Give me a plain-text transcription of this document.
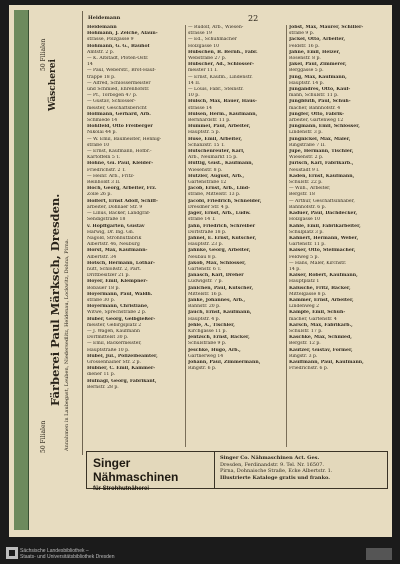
22
Heidemann
50 Filialen
Färberei Paul Märksch, Dresden. Annahmen in Laubegast, Leuben, Niedersedlitz, Heidenau, Lockwitz, Dohna, Pirna.
Wäscherei
50 Filialen
Heidemann
Hohmann, J. Zeiche, Alaun-
strasse, Pölzgasse 9
Hohmann, G. G., Bauhof
Amtstr. 2 p.
— K. Altstadt, Pfoten-Ostr.
14
— Paul, Weberstr., Brot-Hauf-
trappe 18 p.
— Alfred, Schlossermeister
und Schmied, Ehrenhofstr.
— Pf., Torbogen 47 p.
— Gustav, Schlosser-
meister, Geschäftsbericht
Höllmann, Gerhard, Arb.
Schmiede 14
Hohlfeld, Otto Freiberger
Nikolai 44 p.
— W. Emil, Baumeister, Hennig-
straße 10
— Ernst, Kaufmann, Hofbr.-
Kartoffeln 5 T.
Höhne, Gu. Paul, Kleider-
Friedrichstr. 2 T.
— Heinr. Arb., Fritz-
Reinholdt 3 II.
Hoch, Georg, Arbeiter, Frz.
Zolle 26 p.
Holfert, Ernst Adolf, Schiff-
arbeiter, Dohnaer Str. 9
— Linus, Bäcker, Landgraf-
Sendigstraße 18
v. Hopffgarten, Gustav
Harwig, Dr. Ing. Gn.
Nagold, Strohhutfabrik
Albertstr. 46, Neuburg
Horst, Max, Kaufmann-
Albertstr. 34
Hotsch, Hermann, Lothar-
hutt, Schloßstr. 2, Part.
Drittbesitzer 21 p.
Hoyer, Emil, Klempner-
Bobauer 18 p.
Hoyermann, Paul, Waldh.
straße 30 p.
Hoyermann, Christiane,
Witwe, Sprechstraße 2 p.
Huber, Georg, Gelbgießer-
meister, Gebirgsplatz 2
— J. Wagen, Kaufmann
Dorfmittelst 30 p.
— Emil, Bäckermeister,
Hauptstraße 10 p.
Hübel, Jul., Polizeibeamter,
Grossenhainer Str. 2 p.
Hübner, C. Emil, Kammer-
diener 11 p.
Hufnagl, Georg, Fabrikant,
Bernstr. 28 p.
— Rudolf, Arb., Wiesen-
strasse 19
— Ed., Schuhmacher
Holzgasse 10
Hübschen, B. Bernh., Fabr.
Webstraße 27 p.
Hübscher, Ad., Schlosser-
meister 11 I.
— Ernst, Kaufm., Lindenstr.
14 II.
— Louis, Fabr., Steinstr.
10 p.
Hülsch, Max, Bauer, Haus-
strasse 14
Hülsen, Herm., Kaufmann,
Bernhardstr. 11 p.
Hummel, Paul, Arbeiter,
Hauptstr. 5 p.
Huse, Emil, Arbeiter,
Schanzstr. 15 T.
Hutschenreuter, Karl,
Arb., Neumarkt 15 p.
Hüttig, Gust., Kaufmann,
Wiesenstr. 8 p.
Hutzler, August, Arb.,
Gartenstraße 12
Jacob, Ernst, Arb., Lind-
straße, Mittelstr. 13 p.
Jacobi, Friedrich, Schneider,
Dresdner Str. 4 p.
Jäger, Ernst, Arb., Ludw.
straße 14 T.
Jahn, Friedrich, Schreiber
Dorfstraße 18 p.
Jahnel, E. Ernst, Kutscher,
Hauptstr. 23 p.
Jahnke, Georg, Arbeiter,
Neubau 8 p.
Jakob, Max, Schlosser,
Gartenstr. 6 T.
Janasch, Karl, Dreher
Ludwigstr. 7 p.
Jänichen, Paul, Kutscher,
Mittelstr. 16 p.
Janke, Johannes, Arb.,
Bahnstr. 20 p.
Jauch, Ernst, Kaufmann,
Hauptstr. 4 p.
Jehle, A., Tischler,
Kirchgasse 11 p.
Jentzsch, Ernst, Bäcker,
Schulstraße 9 p.
Jeschke, Hugo, Arb.,
Gärtnerweg 14
Johann, Paul, Zimmermann,
Ringstr. 6 p.
Jobst, Max, Maurer, Schiller-
straße 9 p.
Jäckel, Otto, Arbeiter,
Feldstr. 16 p.
Jähne, Emil, Heizer,
Rosenstr. 8 p.
Jäkel, Paul, Zimmerer,
Berggasse 5 p.
Jüng, Max, Kaufmann,
Hauptstr. 14 p.
Jungandres, Otto, Kauf-
mann, Schulstr. 11 p.
Jungbluth, Paul, Schuh-
macher, Bahnhofstr. 4
Jungfer, Otto, Fabrik-
arbeiter, Gartenweg 12
Jungmann, Emil, Schlosser,
Lindenstr. 3 p.
Jungnickel, Max, Maler,
Ringstraße 7 II.
Jupe, Hermann, Tischler,
Wiesenstr. 2 p.
Jurisch, Karl, Fabrikarb.,
Neustadt 9 I.
Kaden, Ernst, Kaufmann,
Schulstr. 22 p.
— Wilh., Arbeiter,
Bergstr. 18
— Arthur, Geschäftsinhaber,
Bahnhofstr. 6 p.
Kaduer, Paul, Dachdecker,
Holzgasse 10
Kahle, Emil, Fabrikarbeiter,
Schulplatz 3 p.
Kahnert, Hermann, Weber,
Gartenstr. 11 p.
Kaiser, Otto, Stellmacher,
Feldweg 5 p.
— Hans, Maler, Kirchstr.
14 p.
Kaiser, Robert, Kaufmann,
Hauptplatz 1
Kalusche, Fritz, Bäcker,
Mittelgasse 8 p.
Kammer, Ernst, Arbeiter,
Lindenweg 2
Kämpfe, Emil, Schuh-
macher, Gartenstr. 4
Karsch, Max, Fabrikarb.,
Schulstr. 17 p.
Kaschke, Max, Schmied,
Bergstr. 12 p.
Kautzer, Gustav, Former,
Ringstr. 3 p.
Kaulfmann, Paul, Kaufmann,
Friedrichstr. 6 p.
Singer Nähmaschinen
für Strohhutnäherei
Singer Co. Nähmaschinen Act. Ges.
Dresden, Ferdinandstr. 9. Tel. Nr. 16507.
Pirna, Dohnaische Straße, Ecke Albertstr. 1.
Illustrierte Kataloge gratis und franko.
Sächsische Landesbibliothek –
Staats- und Universitätsbibliothek Dresden
